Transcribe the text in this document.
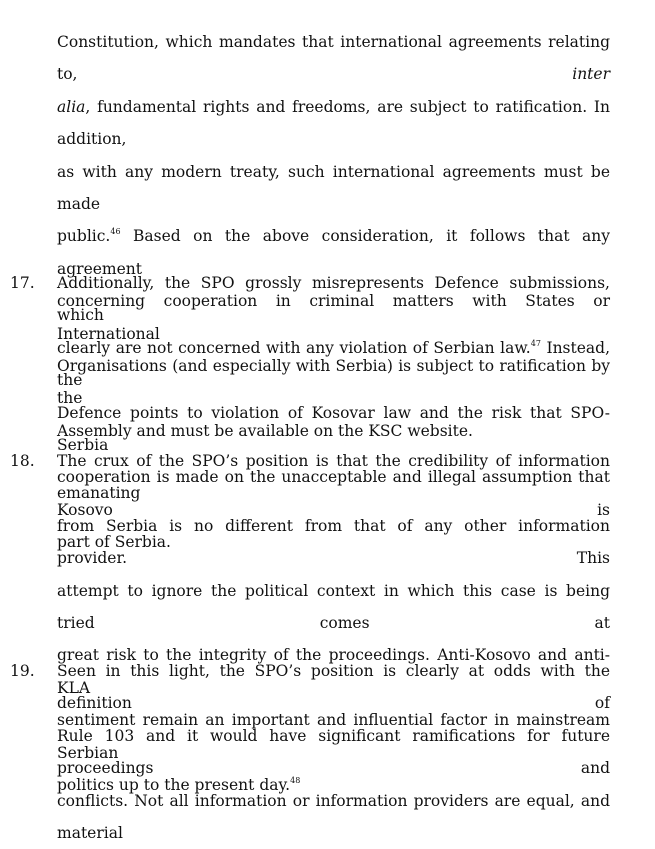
Constitution, which mandates that international agreements relating to, inter
alia, fundamental rights and freedoms, are subject to ratification. In addition,
as with any modern treaty, such international agreements must be made
public.$^{46}$ Based on the above consideration, it follows that any agreement
concerning cooperation in criminal matters with States or International
Organisations (and especially with Serbia) is subject to ratification by the
Assembly and must be available on the KSC website.
17. Additionally, the SPO grossly misrepresents Defence submissions, which
clearly are not concerned with any violation of Serbian law.$^{47}$ Instead, the
Defence points to violation of Kosovar law and the risk that SPO-Serbia
cooperation is made on the unacceptable and illegal assumption that Kosovo is
part of Serbia.
18. The crux of the SPO’s position is that the credibility of information emanating
from Serbia is no different from that of any other information provider. This
attempt to ignore the political context in which this case is being tried comes at
great risk to the integrity of the proceedings. Anti-Kosovo and anti-KLA
sentiment remain an important and influential factor in mainstream Serbian
politics up to the present day.$^{48}$
19. Seen in this light, the SPO’s position is clearly at odds with the definition of
Rule 103 and it would have significant ramifications for future proceedings and
conflicts. Not all information or information providers are equal, and material
